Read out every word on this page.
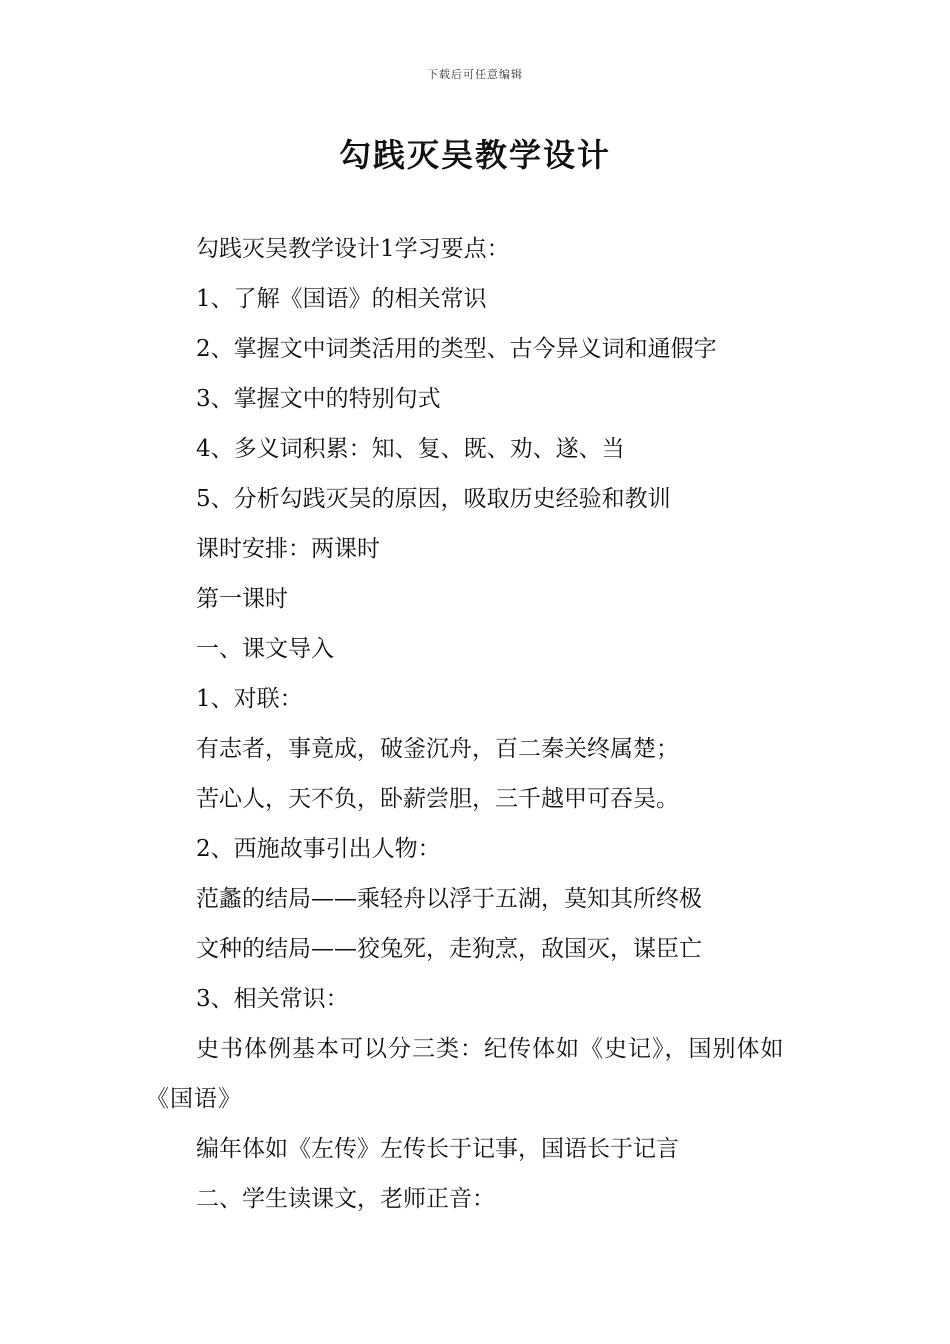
下载后可任意编辑
勾践灭吴教学设计

勾践灭吴教学设计1学习要点：

1、了解《国语》的相关常识

2、掌握文中词类活用的类型、古今异义词和通假字

3、掌握文中的特别句式

4、多义词积累：知、复、既、劝、遂、当

5、分析勾践灭吴的原因，吸取历史经验和教训

课时安排：两课时

第一课时

一、课文导入

1、对联：

有志者，事竟成，破釜沉舟，百二秦关终属楚；

苦心人，天不负，卧薪尝胆，三千越甲可吞吴。

2、西施故事引出人物：

范蠡的结局——乘轻舟以浮于五湖，莫知其所终极

文种的结局——狡兔死，走狗烹，敌国灭，谋臣亡

3、相关常识：

史书体例基本可以分三类：纪传体如《史记》，国别体如《国语》

编年体如《左传》左传长于记事，国语长于记言

二、学生读课文，老师正音：
